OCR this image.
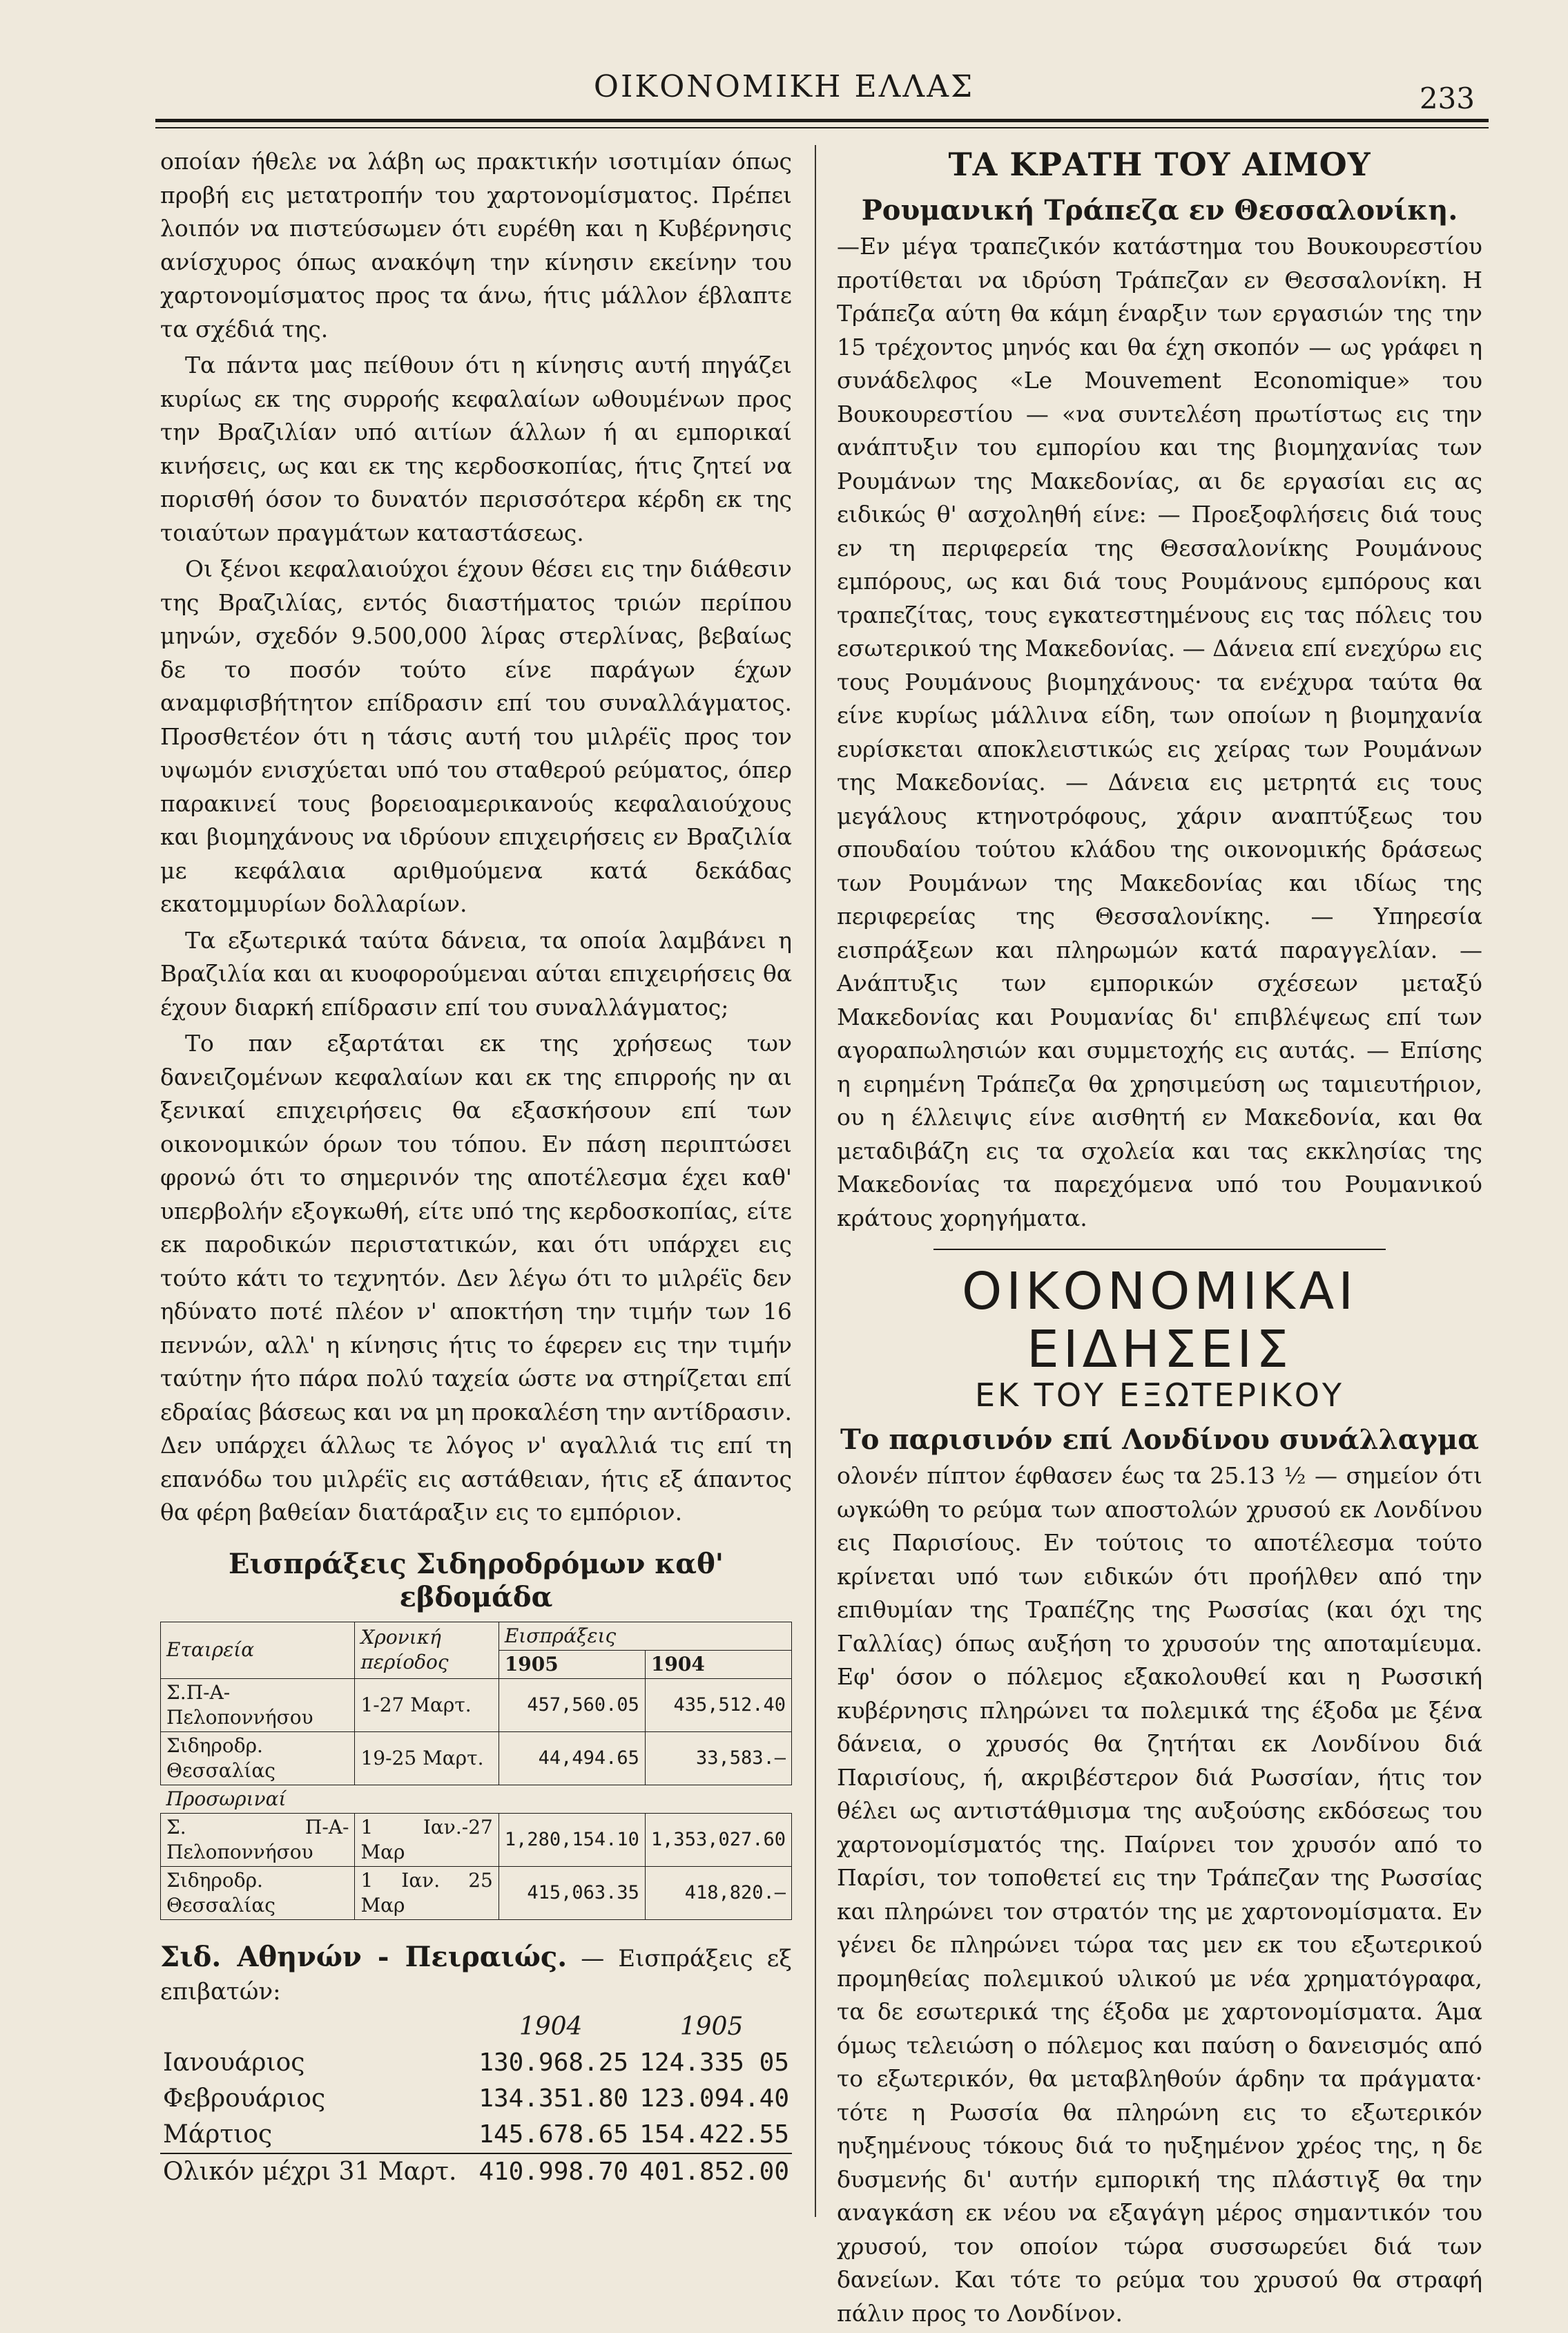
ΟΙΚΟΝΟΜΙΚΗ ΕΛΛΑΣ	233

οποίαν ήθελε να λάβη ως πρακτικήν ισοτιμίαν όπως προβή εις μετατροπήν του χαρτονομίσματος. Πρέπει λοιπόν να πιστεύσωμεν ότι ευρέθη και η Κυβέρνησις ανίσχυρος όπως ανακόψη την κίνησιν εκείνην του χαρτονομίσματος προς τα άνω, ήτις μάλλον έβλαπτε τα σχέδιά της.

Τα πάντα μας πείθουν ότι η κίνησις αυτή πηγάζει κυρίως εκ της συρροής κεφαλαίων ωθουμένων προς την Βραζιλίαν υπό αιτίων άλλων ή αι εμπορικαί κινήσεις, ως και εκ της κερδοσκοπίας, ήτις ζητεί να πορισθή όσον το δυνατόν περισσότερα κέρδη εκ της τοιαύτων πραγμάτων καταστάσεως.

Οι ξένοι κεφαλαιούχοι έχουν θέσει εις την διάθεσιν της Βραζιλίας, εντός διαστήματος τριών περίπου μηνών, σχεδόν 9.500,000 λίρας στερλίνας, βεβαίως δε το ποσόν τούτο είνε παράγων έχων αναμφισβήτητον επίδρασιν επί του συναλλάγματος. Προσθετέον ότι η τάσις αυτή του μιλρέϊς προς τον υψωμόν ενισχύεται υπό του σταθερού ρεύματος, όπερ παρακινεί τους βορειοαμερικανούς κεφαλαιούχους και βιομηχάνους να ιδρύουν επιχειρήσεις εν Βραζιλία με κεφάλαια αριθμούμενα κατά δεκάδας εκατομμυρίων δολλαρίων.

Τα εξωτερικά ταύτα δάνεια, τα οποία λαμβάνει η Βραζιλία και αι κυοφορούμεναι αύται επιχειρήσεις θα έχουν διαρκή επίδρασιν επί του συναλλάγματος;

Το παν εξαρτάται εκ της χρήσεως των δανειζομένων κεφαλαίων και εκ της επιρροής ην αι ξενικαί επιχειρήσεις θα εξασκήσουν επί των οικονομικών όρων του τόπου. Εν πάση περιπτώσει φρονώ ότι το σημερινόν της αποτέλεσμα έχει καθ' υπερβολήν εξογκωθή, είτε υπό της κερδοσκοπίας, είτε εκ παροδικών περιστατικών, και ότι υπάρχει εις τούτο κάτι το τεχνητόν. Δεν λέγω ότι το μιλρέϊς δεν ηδύνατο ποτέ πλέον ν' αποκτήση την τιμήν των 16 πεννών, αλλ' η κίνησις ήτις το έφερεν εις την τιμήν ταύτην ήτο πάρα πολύ ταχεία ώστε να στηρίζεται επί εδραίας βάσεως και να μη προκαλέση την αντίδρασιν. Δεν υπάρχει άλλως τε λόγος ν' αγαλλιά τις επί τη επανόδω του μιλρέϊς εις αστάθειαν, ήτις εξ άπαντος θα φέρη βαθείαν διατάραξιν εις το εμπόριον.

Εισπράξεις Σιδηροδρόμων καθ' εβδομάδα
Εταιρεία	Χρονική περίοδος	Εισπράξεις	
		1905	1904
Σ.Π-Α-Πελοποννήσου	1-27 Μαρτ.	457,560.05	435,512.40
Σιδηροδρ. Θεσσαλίας	19-25 Μαρτ.	44,494.65	33,583.—
Προσωριναί			
Σ. Π-Α-Πελοποννήσου	1 Ιαν.-27 Μαρ	1,280,154.10	1,353,027.60
Σιδηροδρ. Θεσσαλίας	1 Ιαν. 25 Μαρ	415,063.35	418,820.—
Σιδ. Αθηνών - Πειραιώς. — Εισπράξεις εξ επιβατών:
	1904	1905
Ιανουάριος	130.968.25	124.335 05
Φεβρουάριος	134.351.80	123.094.40
Μάρτιος	145.678.65	154.422.55
Ολικόν μέχρι 31 Μαρτ.	410.998.70	401.852.00
ΤΑ ΚΡΑΤΗ ΤΟΥ ΑΙΜΟΥ
Ρουμανική Τράπεζα εν Θεσσαλονίκη.

—Εν μέγα τραπεζικόν κατάστημα του Βουκουρεστίου προτίθεται να ιδρύση Τράπεζαν εν Θεσσαλονίκη. Η Τράπεζα αύτη θα κάμη έναρξιν των εργασιών της την 15 τρέχοντος μηνός και θα έχη σκοπόν — ως γράφει η συνάδελφος «Le Mouvement Economique» του Βουκουρεστίου — «να συντελέση πρωτίστως εις την ανάπτυξιν του εμπορίου και της βιομηχανίας των Ρουμάνων της Μακεδονίας, αι δε εργασίαι εις ας ειδικώς θ' ασχοληθή είνε: — Προεξοφλήσεις διά τους εν τη περιφερεία της Θεσσαλονίκης Ρουμάνους εμπόρους, ως και διά τους Ρουμάνους εμπόρους και τραπεζίτας, τους εγκατεστημένους εις τας πόλεις του εσωτερικού της Μακεδονίας. — Δάνεια επί ενεχύρω εις τους Ρουμάνους βιομηχάνους· τα ενέχυρα ταύτα θα είνε κυρίως μάλλινα είδη, των οποίων η βιομηχανία ευρίσκεται αποκλειστικώς εις χείρας των Ρουμάνων της Μακεδονίας. — Δάνεια εις μετρητά εις τους μεγάλους κτηνοτρόφους, χάριν αναπτύξεως του σπουδαίου τούτου κλάδου της οικονομικής δράσεως των Ρουμάνων της Μακεδονίας και ιδίως της περιφερείας της Θεσσαλονίκης. — Υπηρεσία εισπράξεων και πληρωμών κατά παραγγελίαν. — Ανάπτυξις των εμπορικών σχέσεων μεταξύ Μακεδονίας και Ρουμανίας δι' επιβλέψεως επί των αγοραπωλησιών και συμμετοχής εις αυτάς. — Επίσης η ειρημένη Τράπεζα θα χρησιμεύση ως ταμιευτήριον, ου η έλλειψις είνε αισθητή εν Μακεδονία, και θα μεταδιβάζη εις τα σχολεία και τας εκκλησίας της Μακεδονίας τα παρεχόμενα υπό του Ρουμανικού κράτους χορηγήματα.

ΟΙΚΟΝΟΜΙΚΑΙ ΕΙΔΗΣΕΙΣ
ΕΚ ΤΟΥ ΕΞΩΤΕΡΙΚΟΥ
Το παρισινόν επί Λονδίνου συνάλλαγμα

ολονέν πίπτον έφθασεν έως τα 25.13 ½ — σημείον ότι ωγκώθη το ρεύμα των αποστολών χρυσού εκ Λονδίνου εις Παρισίους. Εν τούτοις το αποτέλεσμα τούτο κρίνεται υπό των ειδικών ότι προήλθεν από την επιθυμίαν της Τραπέζης της Ρωσσίας (και όχι της Γαλλίας) όπως αυξήση το χρυσούν της αποταμίευμα. Εφ' όσον ο πόλεμος εξακολουθεί και η Ρωσσική κυβέρνησις πληρώνει τα πολεμικά της έξοδα με ξένα δάνεια, ο χρυσός θα ζητήται εκ Λονδίνου διά Παρισίους, ή, ακριβέστερον διά Ρωσσίαν, ήτις τον θέλει ως αντιστάθμισμα της αυξούσης εκδόσεως του χαρτονομίσματός της. Παίρνει τον χρυσόν από το Παρίσι, τον τοποθετεί εις την Τράπεζαν της Ρωσσίας και πληρώνει τον στρατόν της με χαρτονομίσματα. Εν γένει δε πληρώνει τώρα τας μεν εκ του εξωτερικού προμηθείας πολεμικού υλικού με νέα χρηματόγραφα, τα δε εσωτερικά της έξοδα με χαρτονομίσματα. Άμα όμως τελειώση ο πόλεμος και παύση ο δανεισμός από το εξωτερικόν, θα μεταβληθούν άρδην τα πράγματα· τότε η Ρωσσία θα πληρώνη εις το εξωτερικόν ηυξημένους τόκους διά το ηυξημένον χρέος της, η δε δυσμενής δι' αυτήν εμπορική της πλάστιγξ θα την αναγκάση εκ νέου να εξαγάγη μέρος σημαντικόν του χρυσού, τον οποίον τώρα συσσωρεύει διά των δανείων. Και τότε το ρεύμα του χρυσού θα στραφή πάλιν προς το Λονδίνον.
